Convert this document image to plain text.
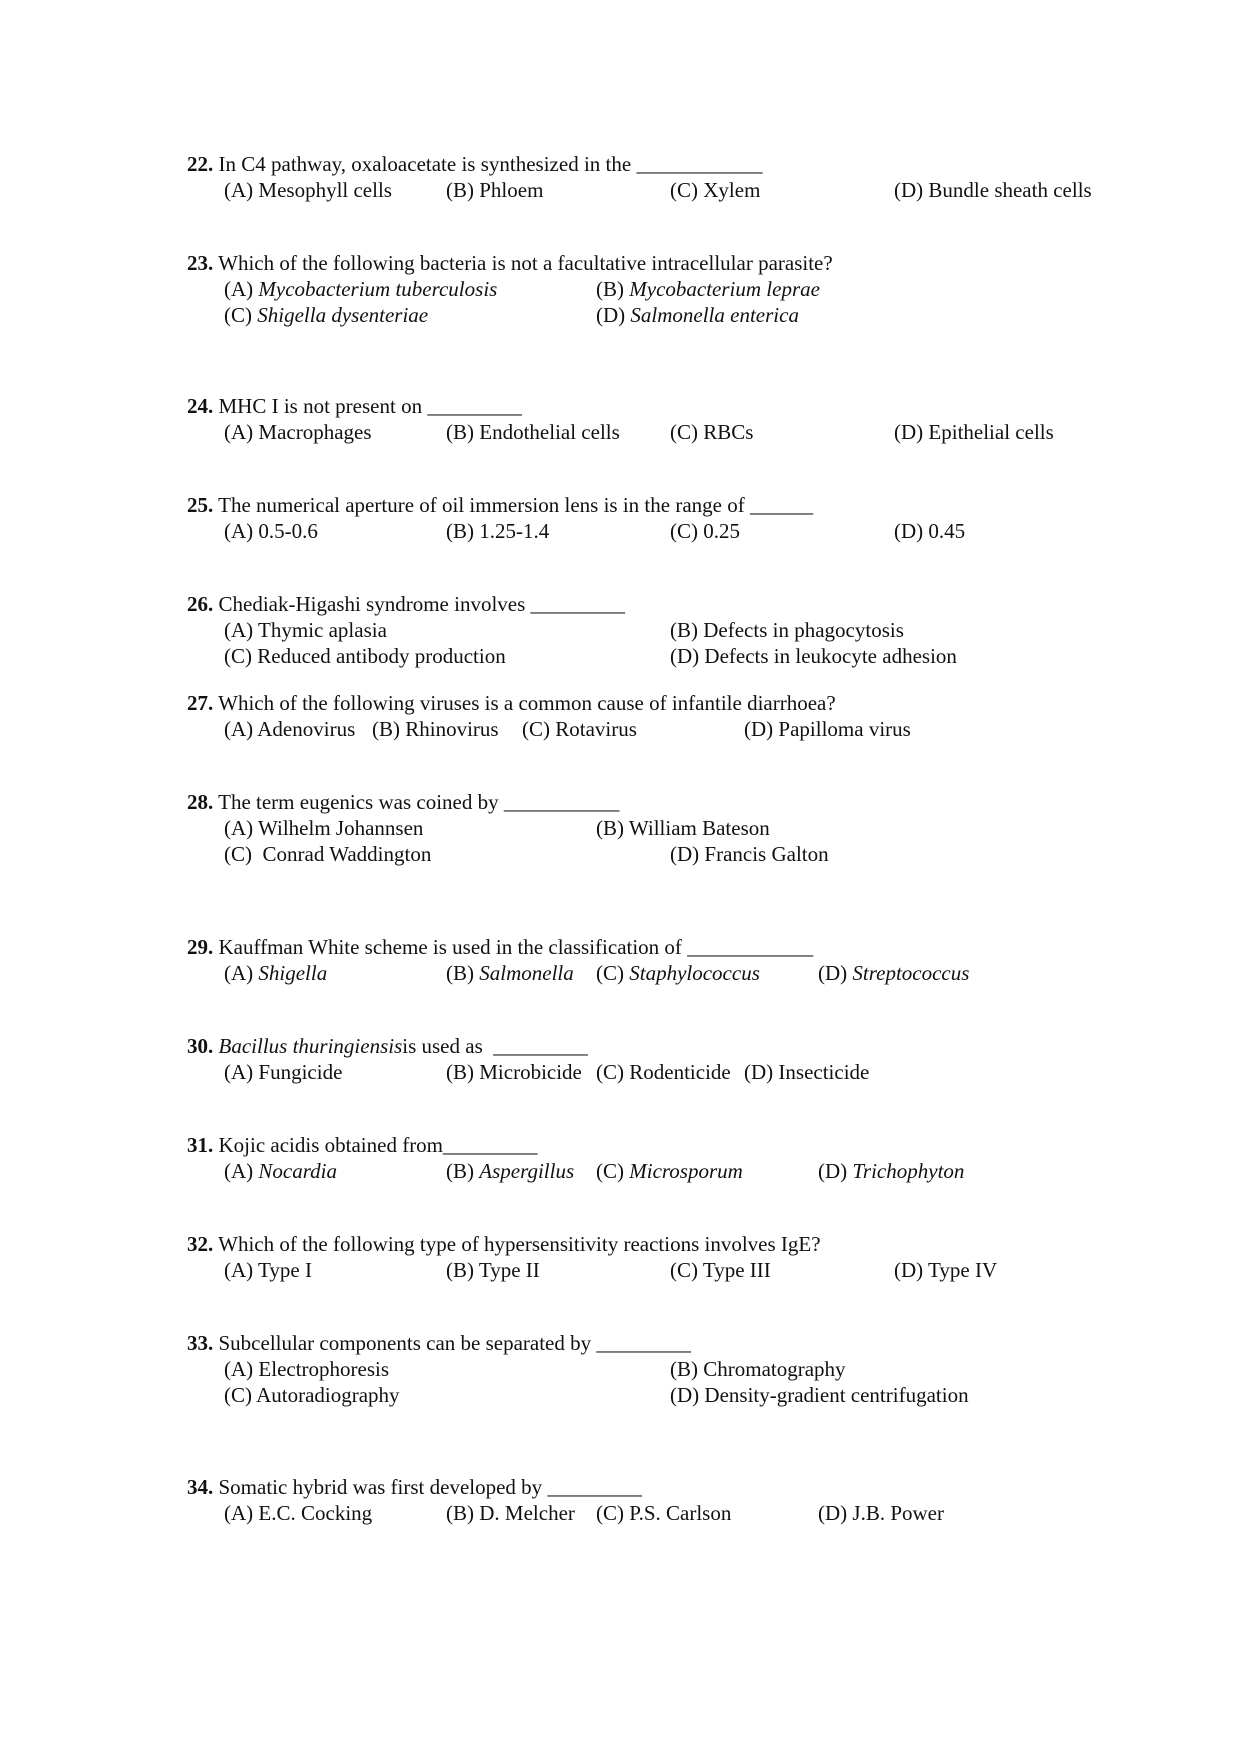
22. In C4 pathway, oxaloacetate is synthesized in the ____________
(A) Mesophyll cells	(B) Phloem	(C) Xylem	(D) Bundle sheath cells
23. Which of the following bacteria is not a facultative intracellular parasite?
(A) Mycobacterium tuberculosis	(B) Mycobacterium leprae
(C) Shigella dysenteriae	(D) Salmonella enterica
24. MHC I is not present on _________
(A) Macrophages	(B) Endothelial cells (C) RBCs	(D) Epithelial cells
25. The numerical aperture of oil immersion lens is in the range of ______
(A) 0.5-0.6	(B) 1.25-1.4	(C) 0.25	(D) 0.45
26. Chediak-Higashi syndrome involves _________
(A) Thymic aplasia	(B) Defects in phagocytosis
(C) Reduced antibody production	(D) Defects in leukocyte adhesion
27. Which of the following viruses is a common cause of infantile diarrhoea?
(A) Adenovirus (B) Rhinovirus (C) Rotavirus	(D) Papilloma virus
28. The term eugenics was coined by ___________
(A) Wilhelm Johannsen	(B) William Bateson
(C) Conrad Waddington	(D) Francis Galton
29. Kauffman White scheme is used in the classification of ____________
(A) Shigella	(B) Salmonella (C) Staphylococcus	(D) Streptococcus
30. Bacillus thuringiensisis used as _________
(A) Fungicide	(B) Microbicide (C) Rodenticide (D) Insecticide
31. Kojic acidis obtained from_________
(A) Nocardia	(B) Aspergillus (C) Microsporum	(D) Trichophyton
32. Which of the following type of hypersensitivity reactions involves IgE?
(A) Type I	(B) Type II	(C) Type III	(D) Type IV
33. Subcellular components can be separated by _________
(A) Electrophoresis	(B) Chromatography
(C) Autoradiography	(D) Density-gradient centrifugation
34. Somatic hybrid was first developed by _________
(A) E.C. Cocking	(B) D. Melcher (C) P.S. Carlson	(D) J.B. Power
